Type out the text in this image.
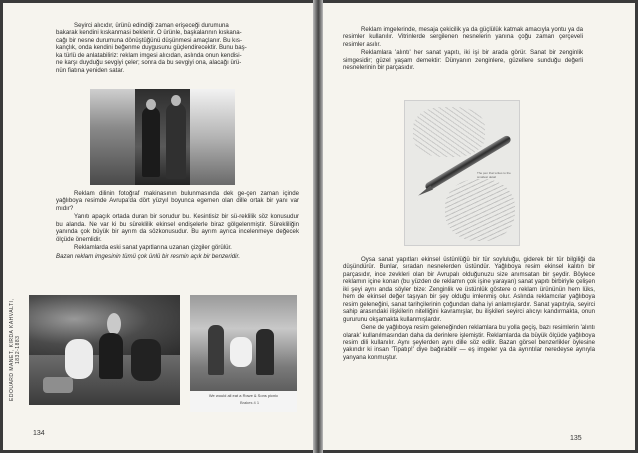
Seyirci alıcıdır, ürünü edindiği zaman erişeceği durumuna
bakarak kendini kıskanmasi beklenir. O ürünle, başkalarının kıskana-
cağı bir nesne durumuna dönüştüğünü düşünmesi amaçlanır. Bu kıs-
kançlık, onda kendini beğenme duygusunu güçlendirecektir. Bunu baş-
ka türlü de anlatabiliriz: reklam imgesi alıcıdan, aslında onun kendisi-
ne karşı duyduğu sevgiyi çeler; sonra da bu sevgiyi ona, alacağı ürü-
nün fiatına yeniden satar.

Reklam dilinin fotoğraf makinasının bulunmasında dek ge-çen zaman içinde yağlıboya resimde Avrupa'da dört yüzyıl boyunca egemen olan dille ortak bir yanı var mıdır?

Yanıtı apaçık ortada duran bir sorudur bu. Kesintisiz bir sü-reklilik söz konusudur bu alanda. Ne var ki bu süreklilik ekinsel endişelerle biraz gölgelenmiştir. Sürekliliğin yanında çok büyük bir ayrım da sözkonusudur. Bu ayrım ayrıca incelenmeye değecek ölçüde önemlidir.

Reklamlarda eski sanat yapıtlarına uzanan çizgiler görülür.

Bazan reklam imgesinin tümü çok ünlü bir resmin açık bir benzeridir.
EDOUARD MANET, KIRDA KAHVALTI, 1832-1883
We would all eat a Rowe & Sons picnic
Brakes 4 1
134

Reklam imgelerinde, mesaja çekicilik ya da güçlülük katmak amacıyla yontu ya da resimler kullanılır. Vitrinlerde sergilenen nesnelerin yanına çoğu zaman çerçeveli resimler asılır.

Reklamlara 'alıntı' her sanat yapıtı, iki işi bir arada görür. Sanat bir zenginlik simgesidir; güzel yaşam demektir: Dünyanın zenginlere, güzellere sunduğu değerli nesnelerinin bir parçasıdır.

The pen that writes to the smallest detail

Oysa sanat yapıtları ekinsel üstünlüğü bir tür soyluluğu, giderek bir tür bilgiliği da düşündürür. Bunlar, sıradan nesnelerden üstündür. Yağlıboya resim ekinsel kalıtın bir parçasıdır, ince zevkleri olan bir Avrupalı olduğunuzu size anımsatan bir şeydir. Böylece reklamın içine konan (bu yüzden de reklamın çok işine yarayan) sanat yapıtı birbiriyle çelişen iki şeyi aynı anda söyler bize: Zenginlik ve üstünlük göstere o reklam ürününün hem lüks, hem de ekinsel değer taşıyan bir şey olduğu imlenmiş olur. Aslında reklamcılar yağlıboya resim geleneğini, sanat tarihçilerinin çoğundan daha iyi anlamışlardır. Sanat yapıtıyla, seyirci sahip arasındaki ilişkilerin nitelliğini kavramışlar, bu ilişkileri seyirci alıcıyı kandırmakta, onun gururunu okşamakta kullanmışlardır.

Gene de yağlıboya resim geleneğinden reklamlara bu yolla geçiş, bazı resimlerin 'alıntı olarak' kullanılmasından daha da derinlere işlemiştir. Reklamlarda da büyük ölçüde yağlıboya resim dili kullanılır. Aynı şeylerden aynı dille söz edilir. Bazan görsel benzerlikler öylesine yakındır ki insan 'Tipatıp!' diye bağırabilir — eş imgeler ya da ayrıntılar neredeyse aynıyla yanyana konmuştur.

135
